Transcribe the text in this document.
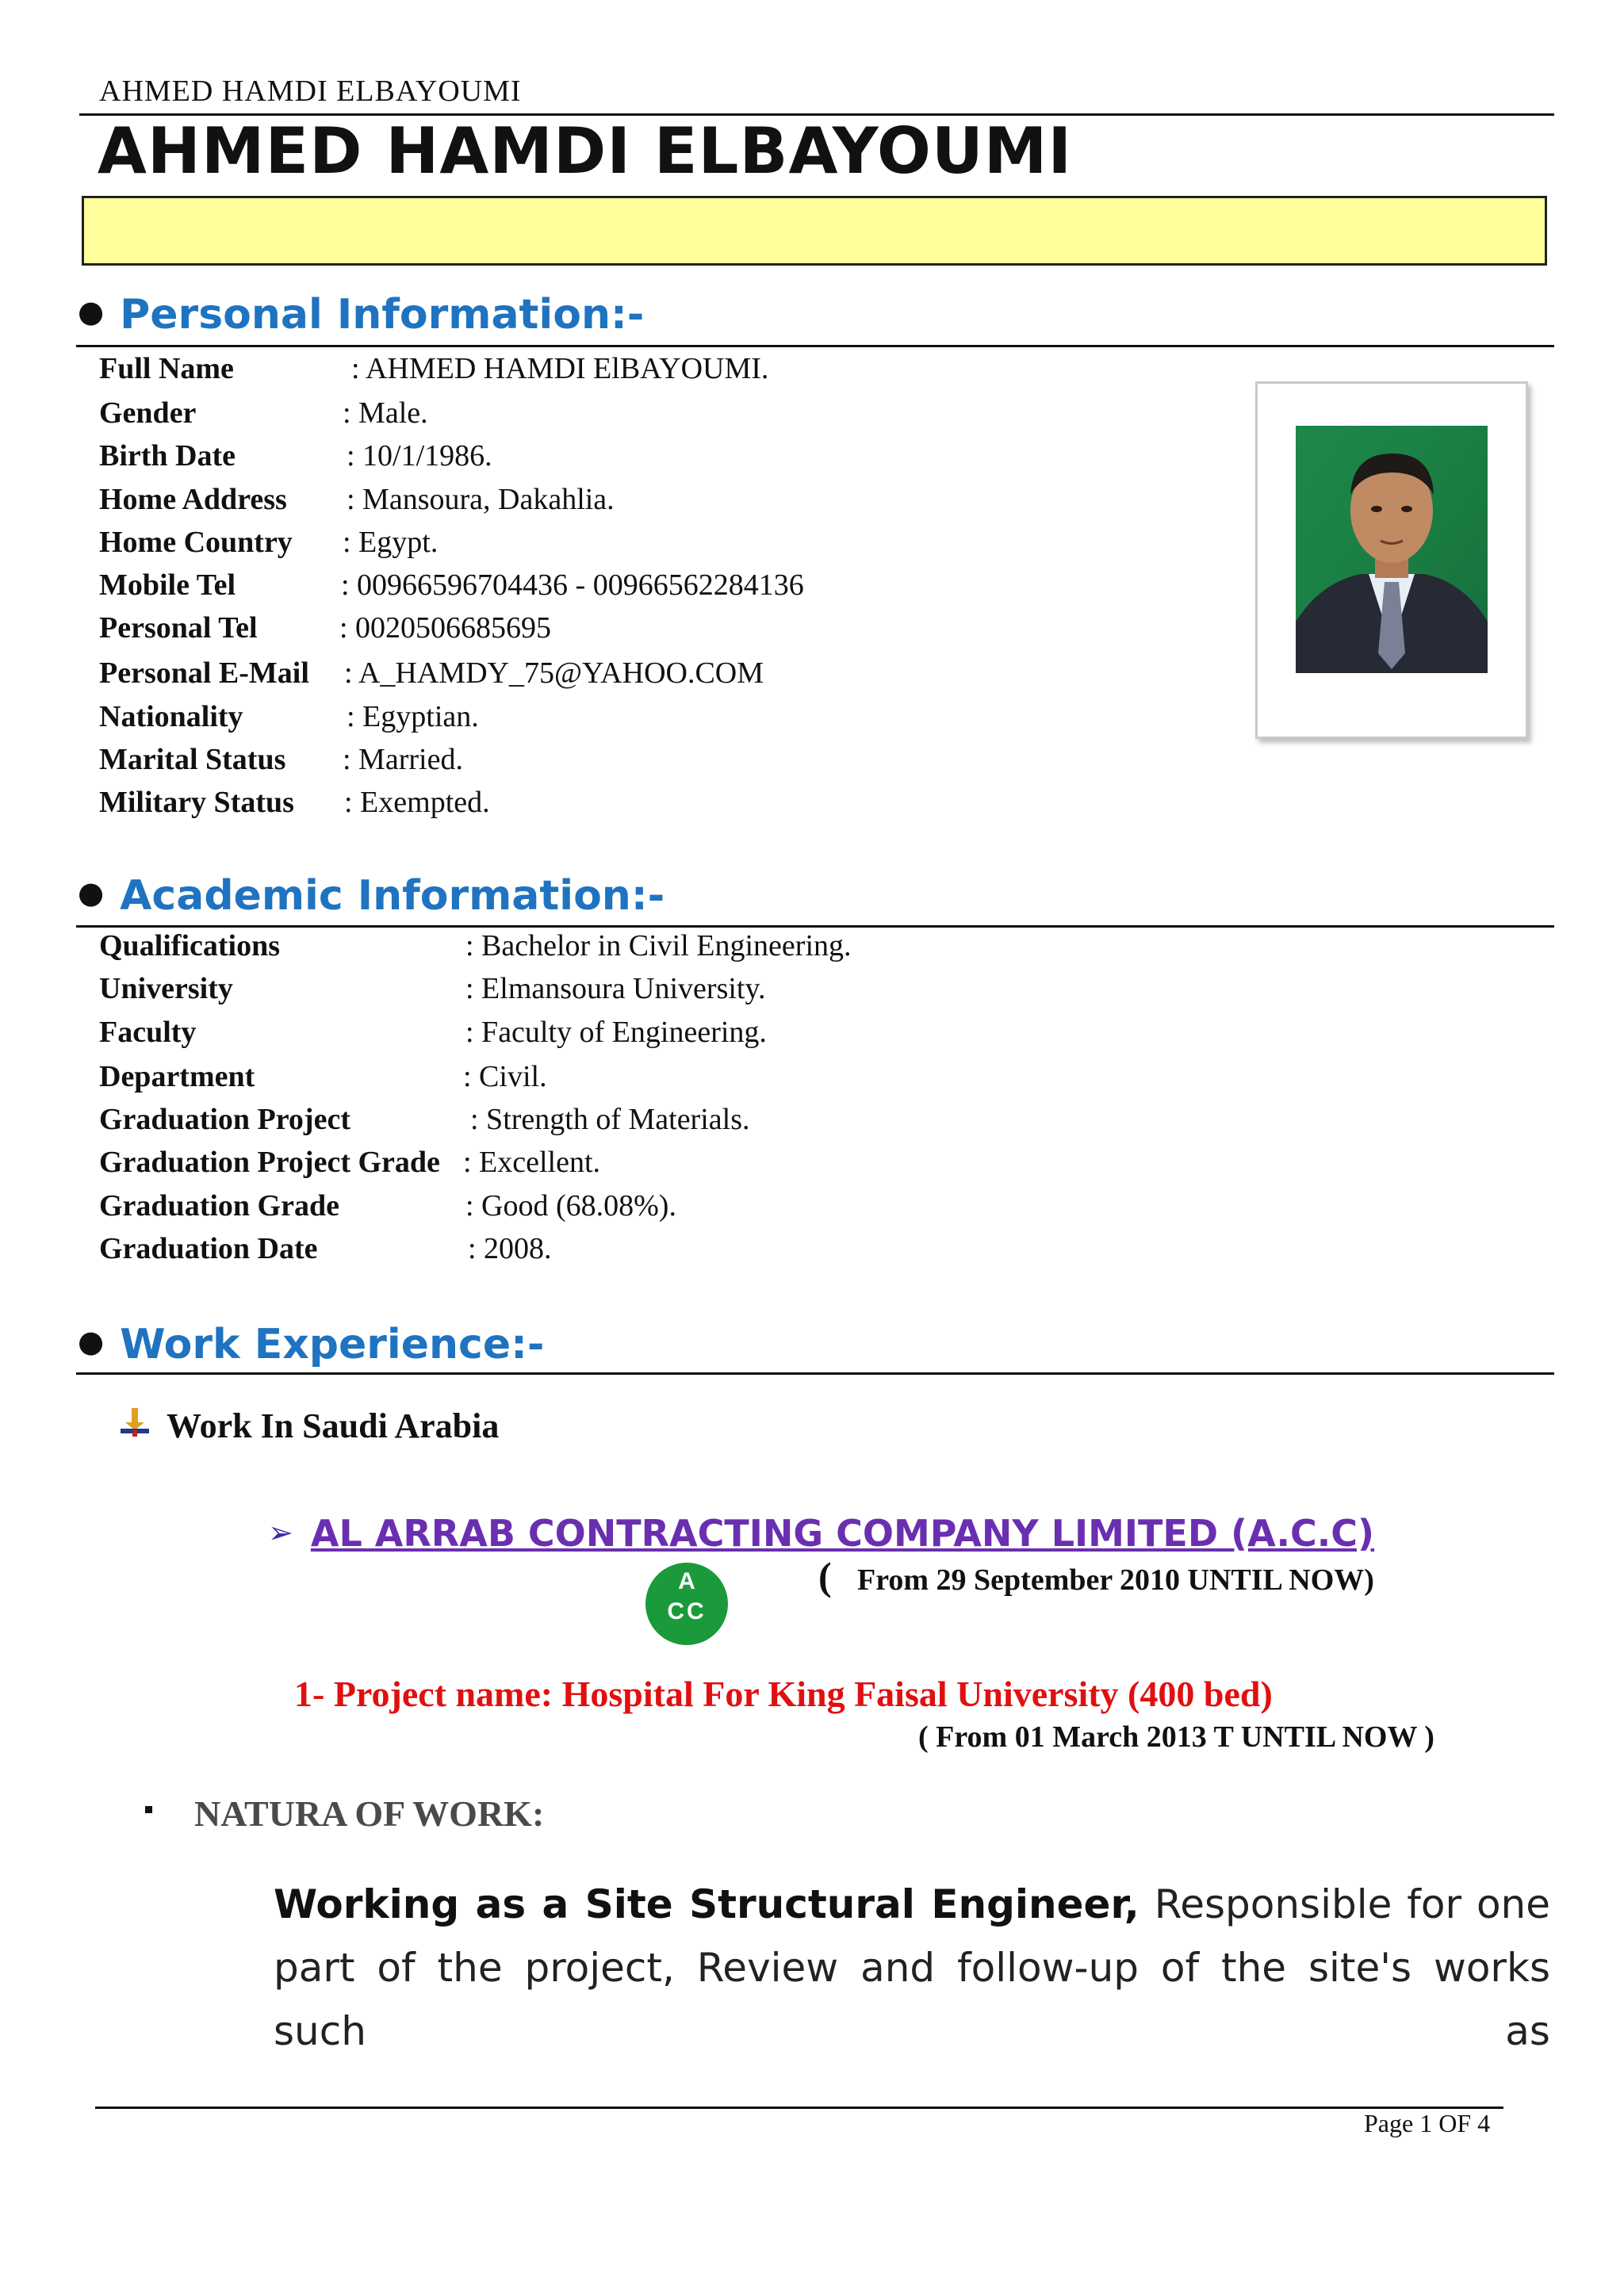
AHMED HAMDI ELBAYOUMI
AHMED HAMDI ELBAYOUMI
● Personal Information:-
Full Name	: AHMED HAMDI ElBAYOUMI.
Gender	: Male.
Birth Date	: 10/1/1986.
Home Address : Mansoura, Dakahlia.
Home Country : Egypt.
Mobile Tel	: 00966596704436 - 00966562284136
Personal Tel	: 0020506685695
Personal E-Mail : A_HAMDY_75@YAHOO.COM
Nationality	: Egyptian.
Marital Status : Married.
Military Status : Exempted.
● Academic Information:-
Qualifications	: Bachelor in Civil Engineering.
University	: Elmansoura University.
Faculty	: Faculty of Engineering.
Department	: Civil.
Graduation Project	: Strength of Materials.
Graduation Project Grade : Excellent.
Graduation Grade	: Good (68.08%).
Graduation Date	: 2008.
● Work Experience:-
Work In Saudi Arabia
➢ AL ARRAB CONTRACTING COMPANY LIMITED (A.C.C)
( From 29 September 2010 UNTIL NOW)
A
CC
1- Project name: Hospital For King Faisal University (400 bed)
( From 01 March 2013 T UNTIL NOW )
NATURA OF WORK:
Working as a Site Structural Engineer, Responsible for one part of the project, Review and follow-up of the site's works such as
Page 1 OF 4
